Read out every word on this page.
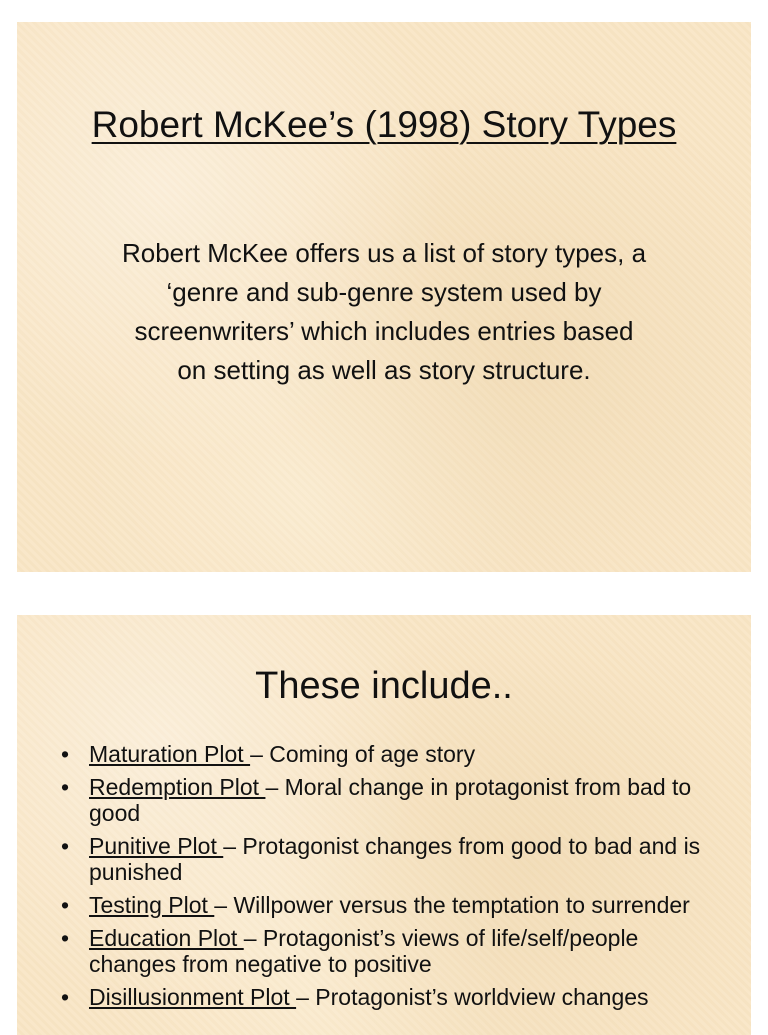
Robert McKee’s (1998) Story Types
Robert McKee offers us a list of story types, a ‘genre and sub-genre system used by screenwriters’ which includes entries based on setting as well as story structure.
These include..
• Maturation Plot – Coming of age story
• Redemption Plot – Moral change in protagonist from bad to good
• Punitive Plot – Protagonist changes from good to bad and is punished
• Testing Plot – Willpower versus the temptation to surrender
• Education Plot – Protagonist’s views of life/self/people changes from negative to positive
• Disillusionment Plot – Protagonist’s worldview changes
